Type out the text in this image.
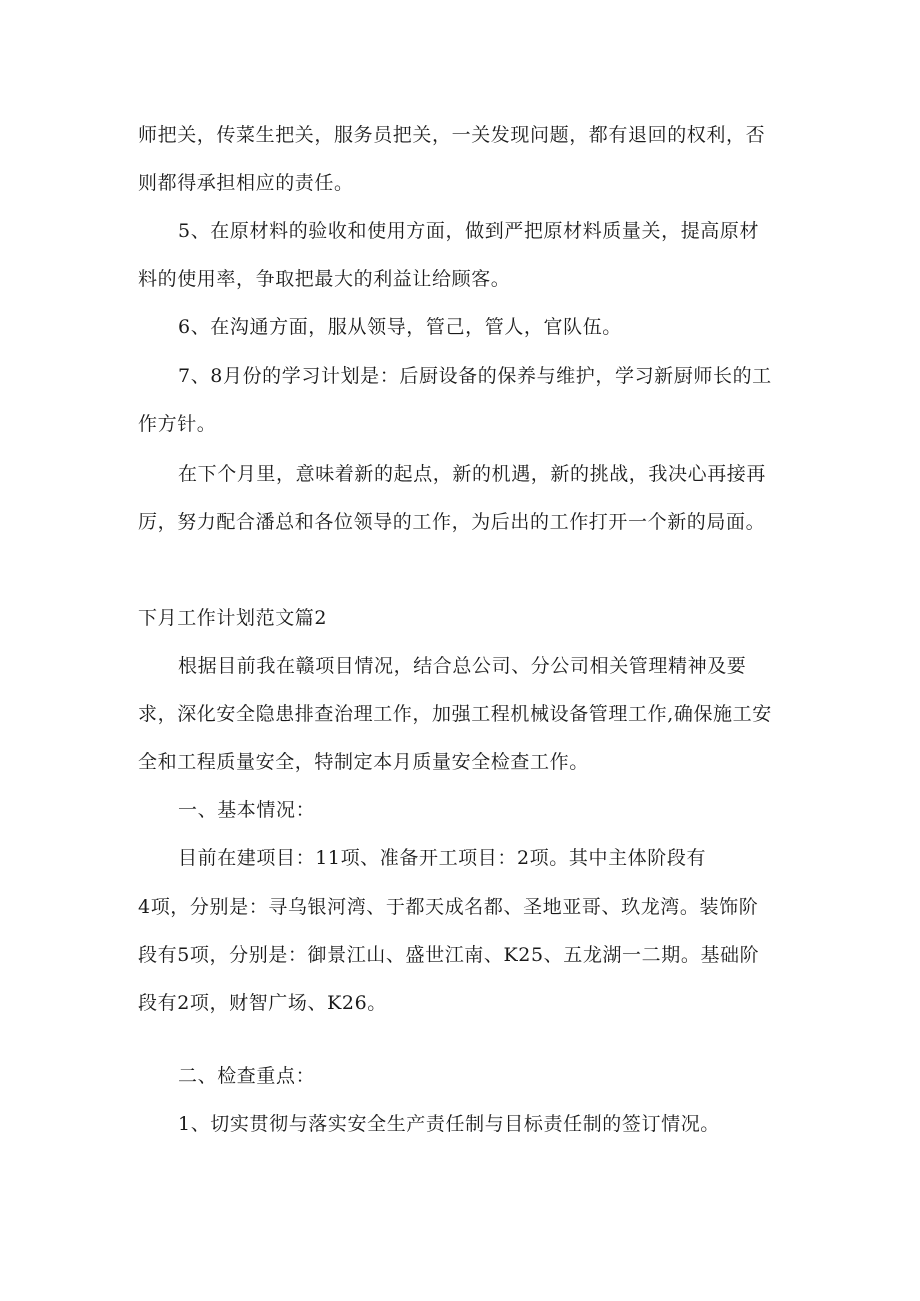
师把关，传菜生把关，服务员把关，一关发现问题，都有退回的权利，否
则都得承担相应的责任。
5、在原材料的验收和使用方面，做到严把原材料质量关，提高原材
料的使用率，争取把最大的利益让给顾客。
6、在沟通方面，服从领导，管己，管人，官队伍。
7、8月份的学习计划是：后厨设备的保养与维护，学习新厨师长的工
作方针。
在下个月里，意味着新的起点，新的机遇，新的挑战，我决心再接再
厉，努力配合潘总和各位领导的工作，为后出的工作打开一个新的局面。
下月工作计划范文篇2
根据目前我在赣项目情况，结合总公司、分公司相关管理精神及要
求，深化安全隐患排查治理工作，加强工程机械设备管理工作,确保施工安
全和工程质量安全，特制定本月质量安全检查工作。
一、基本情况：
目前在建项目：11项、准备开工项目：2项。其中主体阶段有
4项，分别是：寻乌银河湾、于都天成名都、圣地亚哥、玖龙湾。装饰阶
段有5项，分别是：御景江山、盛世江南、K25、五龙湖一二期。基础阶
段有2项，财智广场、K26。
二、检查重点：
1、切实贯彻与落实安全生产责任制与目标责任制的签订情况。
